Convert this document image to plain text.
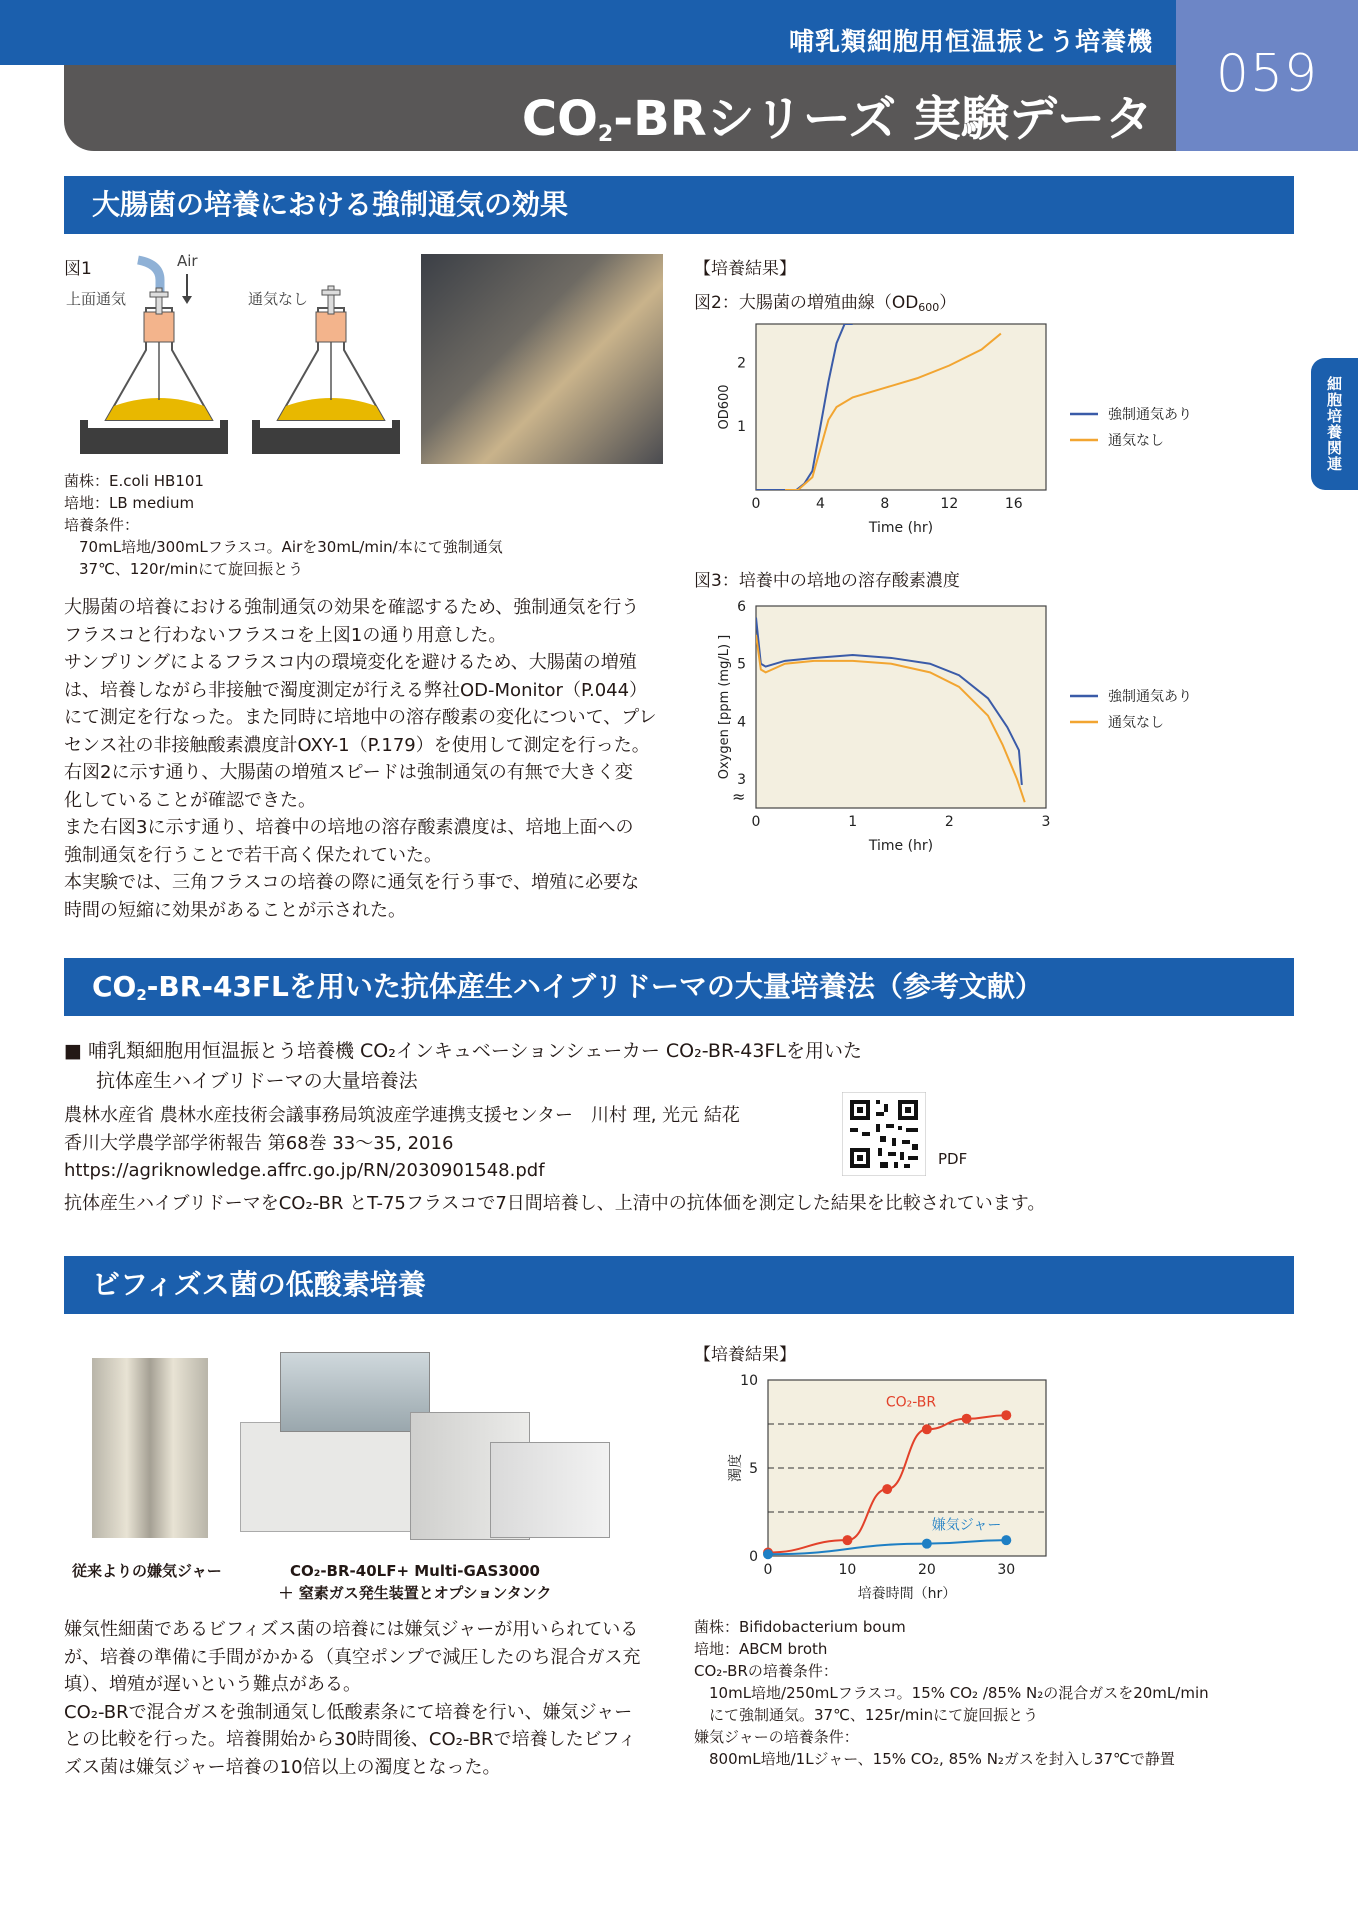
哺乳類細胞用恒温振とう培養機
$CO_2-BR$シリーズ 実験データ
059
細胞培養関連
大腸菌の培養における強制通気の効果
図1
上面通気	通気なし
Air
菌株：E.coli HB101
培地：LB medium
培養条件：
　70mL培地/300mLフラスコ。Airを30mL/min/本にて強制通気
　37℃、120r/minにて旋回振とう
大腸菌の培養における強制通気の効果を確認するため、強制通気を行う
フラスコと行わないフラスコを上図1の通り用意した。
サンプリングによるフラスコ内の環境変化を避けるため、大腸菌の増殖
は、培養しながら非接触で濁度測定が行える弊社OD-Monitor（P.044）
にて測定を行なった。また同時に培地中の溶存酸素の変化について、プレ
センス社の非接触酸素濃度計OXY-1（P.179）を使用して測定を行った。
右図2に示す通り、大腸菌の増殖スピードは強制通気の有無で大きく変
化していることが確認できた。
また右図3に示す通り、培養中の培地の溶存酸素濃度は、培地上面への
強制通気を行うことで若干高く保たれていた。
本実験では、三角フラスコの培養の際に通気を行う事で、増殖に必要な
時間の短縮に効果があることが示された。
【培養結果】
図2：大腸菌の増殖曲線$(OD_{600})$
0	4	8	12	16
1
2
Time (hr)
OD600	強制通気あり
通気なし
図3：培養中の培地の溶存酸素濃度
0	1	2	3
3
4
5
6
Time (hr)
Oxygen [ppm (mg/L) ]	強制通気あり
通気なし
≈
$CO_2-BR-43FL$を用いた抗体産生ハイブリドーマの大量培養法（参考文献）
■ 哺乳類細胞用恒温振とう培養機 CO₂インキュベーションシェーカー CO₂-BR-43FLを用いた
抗体産生ハイブリドーマの大量培養法
農林水産省 農林水産技術会議事務局筑波産学連携支援センター　川村 理, 光元 結花
香川大学農学部学術報告 第68巻 33～35, 2016
https://agriknowledge.affrc.go.jp/RN/2030901548.pdf
PDF
抗体産生ハイブリドーマをCO₂-BR とT-75フラスコで7日間培養し、上清中の抗体価を測定した結果を比較されています。
ビフィズス菌の低酸素培養
従来よりの嫌気ジャー	CO₂-BR-40LF+ Multi-GAS3000
＋ 窒素ガス発生装置とオプションタンク
嫌気性細菌であるビフィズス菌の培養には嫌気ジャーが用いられている
が、培養の準備に手間がかかる（真空ポンプで減圧したのち混合ガス充
填）、増殖が遅いという難点がある。
CO₂-BRで混合ガスを強制通気し低酸素条にて培養を行い、嫌気ジャー
との比較を行った。培養開始から30時間後、CO₂-BRで培養したビフィ
ズス菌は嫌気ジャー培養の10倍以上の濁度となった。
【培養結果】
0	10	20	30
0
5
10
培養時間（hr）
濁度
CO₂-BR
嫌気ジャー
菌株：Bifidobacterium boum
培地：ABCM broth
CO₂-BRの培養条件：
　10mL培地/250mLフラスコ。15% CO₂ /85% N₂の混合ガスを20mL/min
　にて強制通気。37℃、125r/minにて旋回振とう
嫌気ジャーの培養条件：
　800mL培地/1Lジャー、15% CO₂, 85% N₂ガスを封入し37℃で静置
